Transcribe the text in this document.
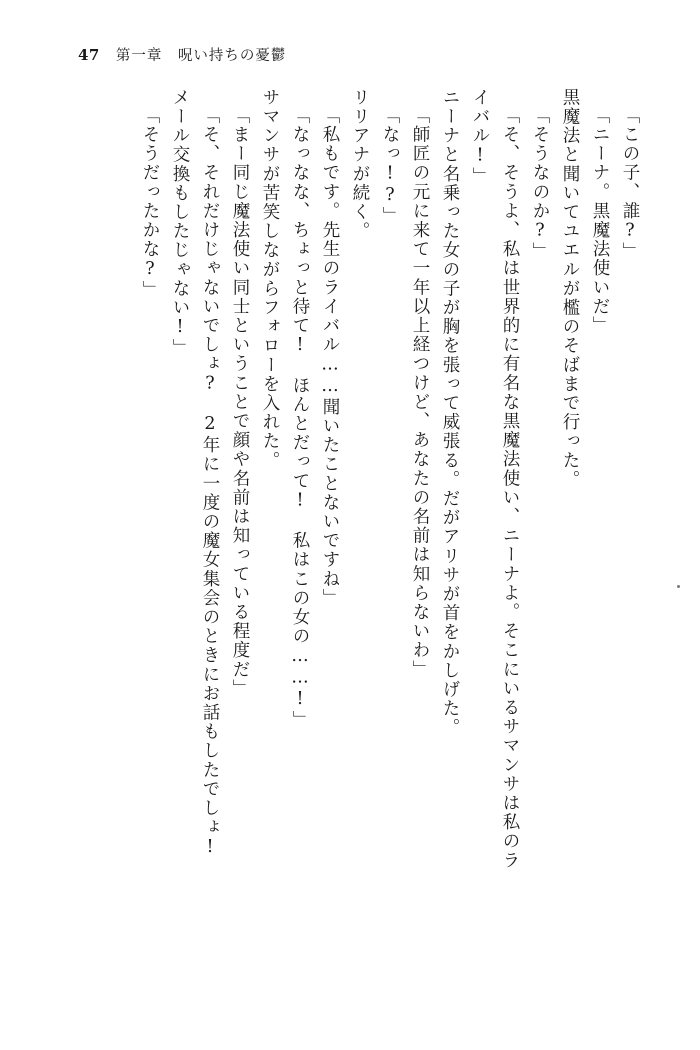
47 第一章　呪い持ちの憂鬱
「この子、誰?」
「ニーナ。黒魔法使いだ」
黒魔法と聞いてユエルが檻のそばまで行った。
「そうなのか?」
「そ、そうよ、私は世界的に有名な黒魔法使い、ニーナよ。そこにいるサマンサは私のラ
イバル!」
ニーナと名乗った女の子が胸を張って威張る。だがアリサが首をかしげた。
「師匠の元に来て一年以上経つけど、あなたの名前は知らないわ」
「なっ!?」
リリアナが続く。
「私もです。先生のライバル……聞いたことないですね」
「なっなな、ちょっと待て!　ほんとだって!　私はこの女の……!」
サマンサが苦笑しながらフォローを入れた。
「まー同じ魔法使い同士ということで顔や名前は知っている程度だ」
「そ、それだけじゃないでしょ?　2年に一度の魔女集会のときにお話もしたでしょ!
メール交換もしたじゃない!」
「そうだったかな?」
